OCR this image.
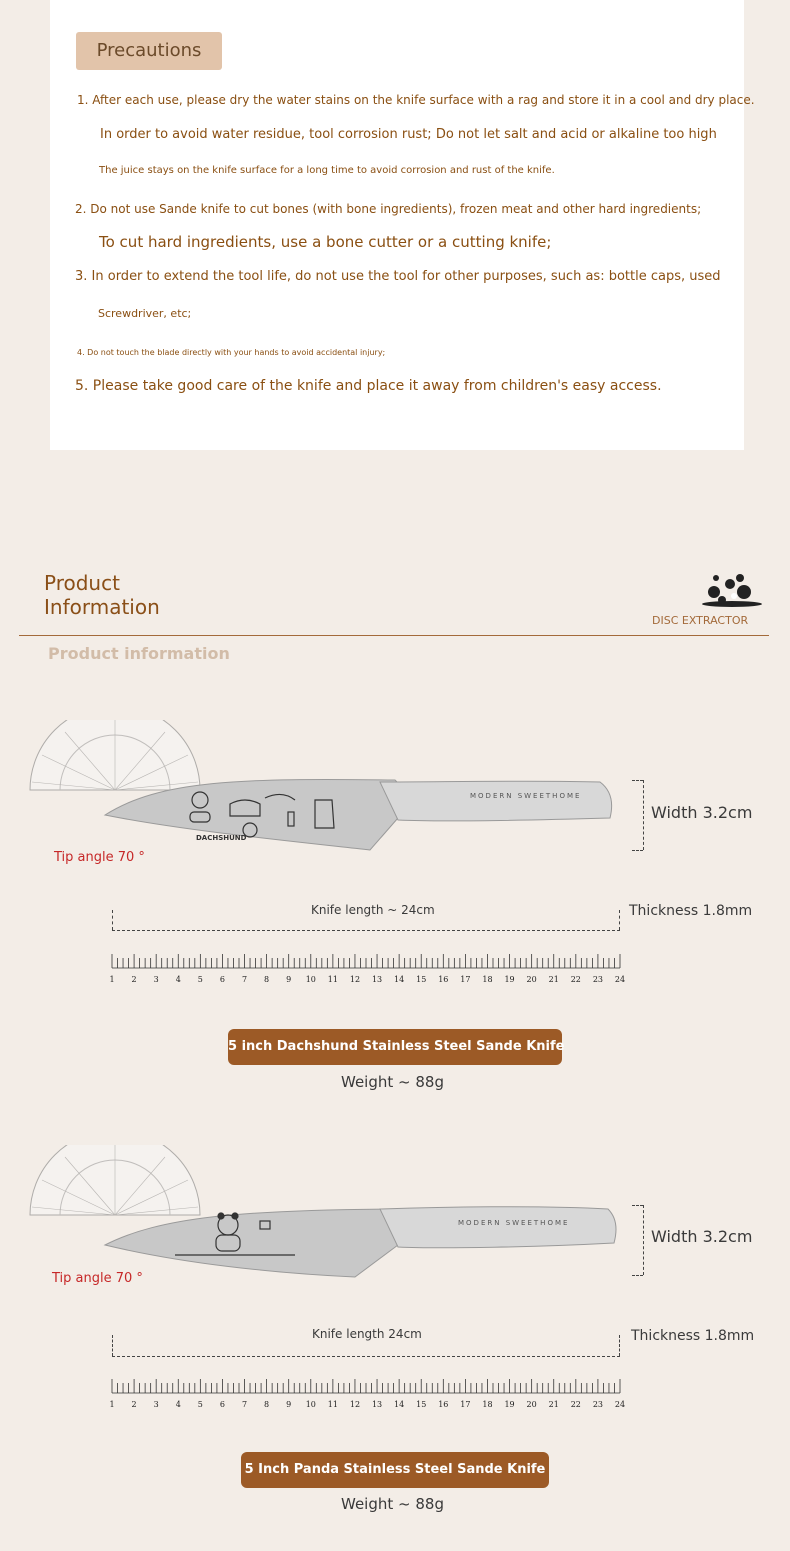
Precautions
1. After each use, please dry the water stains on the knife surface with a rag and store it in a cool and dry place.
In order to avoid water residue, tool corrosion rust; Do not let salt and acid or alkaline too high
The juice stays on the knife surface for a long time to avoid corrosion and rust of the knife.
2. Do not use Sande knife to cut bones (with bone ingredients), frozen meat and other hard ingredients;
To cut hard ingredients, use a bone cutter or a cutting knife;
3. In order to extend the tool life, do not use the tool for other purposes, such as: bottle caps, used
Screwdriver, etc;
4. Do not touch the blade directly with your hands to avoid accidental injury;
5. Please take good care of the knife and place it away from children's easy access.
Product
Information
DISC EXTRACTOR
Product information
Tip angle 70 °
Width 3.2cm
Knife length ~ 24cm	Thickness 1.8mm
1 2 3 4 5 6 7 8 9 10 11 12 13 14 15 16 17 18 19 20 21 22 23 24
5 inch Dachshund Stainless Steel Sande Knife
Weight ~ 88g
MODERN SWEETHOME
DACHSHUND
Tip angle 70 °
Width 3.2cm
Knife length 24cm	Thickness 1.8mm
1 2 3 4 5 6 7 8 9 10 11 12 13 14 15 16 17 18 19 20 21 22 23 24
5 Inch Panda Stainless Steel Sande Knife
Weight ~ 88g
MODERN SWEETHOME
